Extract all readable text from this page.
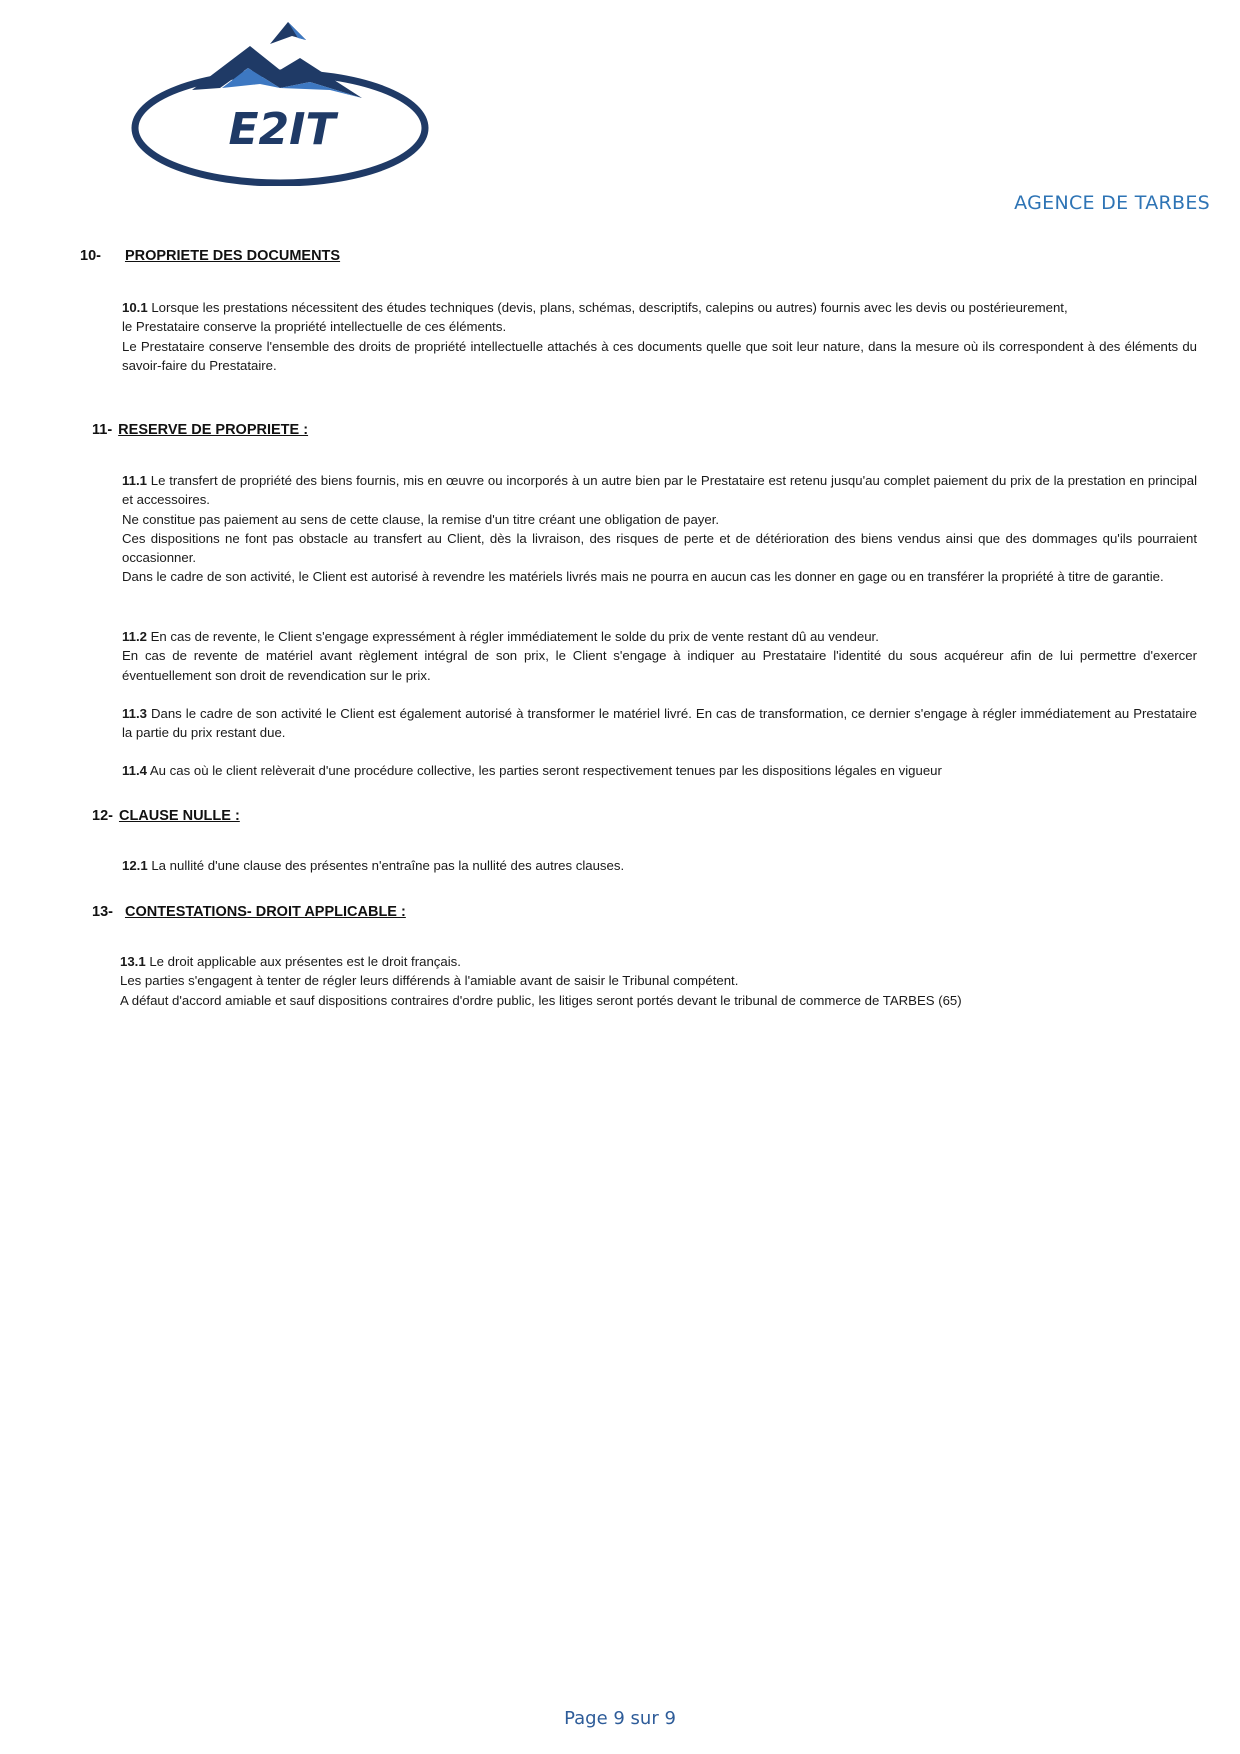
E2IT
AGENCE DE TARBES
10- PROPRIETE DES DOCUMENTS

10.1 Lorsque les prestations nécessitent des études techniques (devis, plans, schémas, descriptifs, calepins ou autres) fournis avec les devis ou postérieurement,

le Prestataire conserve la propriété intellectuelle de ces éléments.

Le Prestataire conserve l'ensemble des droits de propriété intellectuelle attachés à ces documents quelle que soit leur nature, dans la mesure où ils correspondent à des éléments du savoir-faire du Prestataire.

11- RESERVE DE PROPRIETE :

11.1 Le transfert de propriété des biens fournis, mis en œuvre ou incorporés à un autre bien par le Prestataire est retenu jusqu'au complet paiement du prix de la prestation en principal et accessoires.

Ne constitue pas paiement au sens de cette clause, la remise d'un titre créant une obligation de payer.

Ces dispositions ne font pas obstacle au transfert au Client, dès la livraison, des risques de perte et de détérioration des biens vendus ainsi que des dommages qu'ils pourraient occasionner.

Dans le cadre de son activité, le Client est autorisé à revendre les matériels livrés mais ne pourra en aucun cas les donner en gage ou en transférer la propriété à titre de garantie.

11.2 En cas de revente, le Client s'engage expressément à régler immédiatement le solde du prix de vente restant dû au vendeur.

En cas de revente de matériel avant règlement intégral de son prix, le Client s'engage à indiquer au Prestataire l'identité du sous acquéreur afin de lui permettre d'exercer éventuellement son droit de revendication sur le prix.

11.3 Dans le cadre de son activité le Client est également autorisé à transformer le matériel livré. En cas de transformation, ce dernier s'engage à régler immédiatement au Prestataire la partie du prix restant due.

11.4 Au cas où le client relèverait d'une procédure collective, les parties seront respectivement tenues par les dispositions légales en vigueur

12- CLAUSE NULLE :

12.1 La nullité d'une clause des présentes n'entraîne pas la nullité des autres clauses.

13- CONTESTATIONS- DROIT APPLICABLE :

13.1 Le droit applicable aux présentes est le droit français.

Les parties s'engagent à tenter de régler leurs différends à l'amiable avant de saisir le Tribunal compétent.

A défaut d'accord amiable et sauf dispositions contraires d'ordre public, les litiges seront portés devant le tribunal de commerce de TARBES (65)

Page 9 sur 9
